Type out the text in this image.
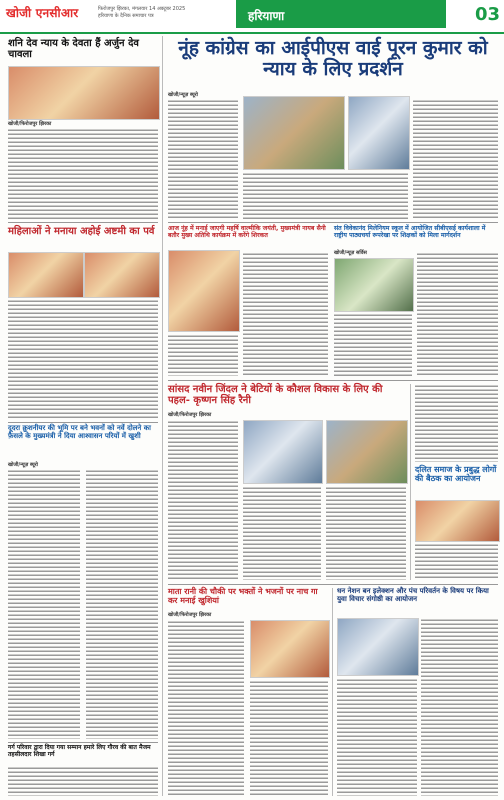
खोजी एनसीआर	फिरोजपुर झिरका, मंगलवार 14 अक्टूबर 2025
हरियाणा के दैनिक समाचार पत्र	हरियाणा	03
शनि देव न्याय के देवता हैं अर्जुन देव चावला
खोजी/फिरोजपुर झिरका
महिलाओं ने मनाया अहोई अष्टमी का पर्व
दूदरा क्रुशनीयर की भूमि पर बने भवनों को नवें दोलने का फ़ैसले के मुख्यमंत्री ने दिया आश्वासन परियों में खुशी
खोजी/न्यूज़ ब्यूरो
गर्ग परिवार द्वारा दिया गया सम्मान हमारे लिए गौरव की बात मैजम तहसीलदार शिखा गर्ग
नूंह कांग्रेस का आईपीएस वाई पूरन कुमार को न्याय के लिए प्रदर्शन
खोजी/न्यूज़ ब्यूरो
आज नूंह में मनाई जाएगी महर्षि वाल्मीकि जयंती, मुख्यमंत्री नायब सैनी बतौर मुख्य अतिथि कार्यक्रम में करेंगे शिरकत
संत विवेकानंद मिलेनियम स्कूल में आयोजित सीबीएसई कार्यशाला में राष्ट्रीय पाठ्यचर्या रूपरेखा पर शिक्षकों को मिला मार्गदर्शन
खोजी/न्यूज़ सर्विस
सांसद नवीन जिंदल ने बेटियों के कौशल विकास के लिए की पहल- कृष्णन सिंह रैनी
खोजी/फिरोजपुर झिरका
दलित समाज के प्रबुद्ध लोगों की बैठक का आयोजन
माता रानी की चौकी पर भक्तों ने भजनों पर नाच गा कर मनाई खुशियां
खोजी/फिरोजपुर झिरका
धन नेशन बन इलेक्शन और पंच परिवर्तन के विषय पर किया युवा विचार संगोष्ठी का आयोजन
